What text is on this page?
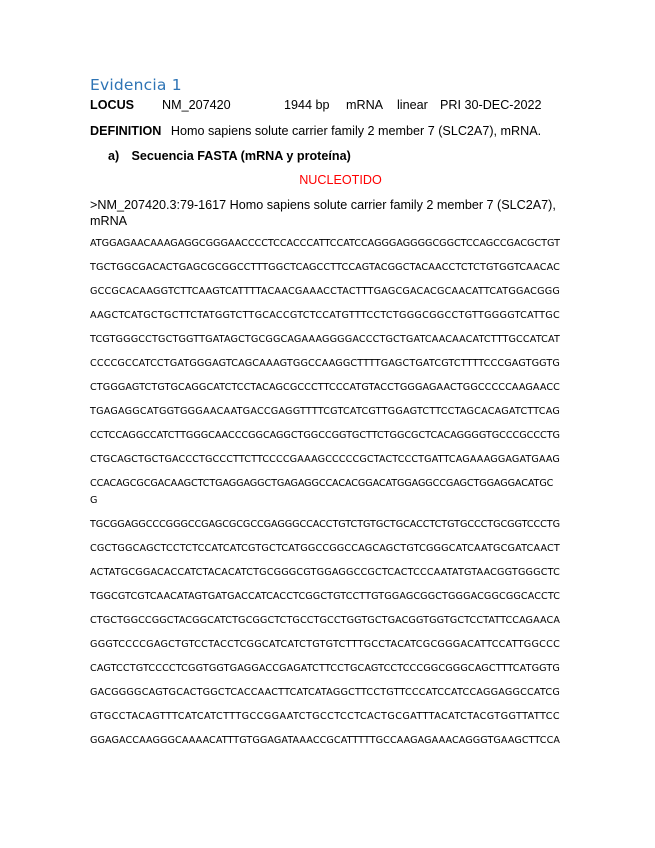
Evidencia 1
LOCUS NM_207420	1944 bp mRNA linear PRI 30-DEC-2022
DEFINITION Homo sapiens solute carrier family 2 member 7 (SLC2A7), mRNA.
a) Secuencia FASTA (mRNA y proteína)
NUCLEOTIDO
>NM_207420.3:79-1617 Homo sapiens solute carrier family 2 member 7 (SLC2A7), mRNA
ATGGAGAACAAAGAGGCGGGAACCCCTCCACCCATTCCATCCAGGGAGGGGCGGCTCCAGCCGACGCTGT
TGCTGGCGACACTGAGCGCGGCCTTTGGCTCAGCCTTCCAGTACGGCTACAACCTCTCTGTGGTCAACAC
GCCGCACAAGGTCTTCAAGTCATTTTACAACGAAACCTACTTTGAGCGACACGCAACATTCATGGACGGG
AAGCTCATGCTGCTTCTATGGTCTTGCACCGTCTCCATGTTTCCTCTGGGCGGCCTGTTGGGGTCATTGC
TCGTGGGCCTGCTGGTTGATAGCTGCGGCAGAAAGGGGACCCTGCTGATCAACAACATCTTTGCCATCAT
CCCCGCCATCCTGATGGGAGTCAGCAAAGTGGCCAAGGCTTTTGAGCTGATCGTCTTTTCCCGAGTGGTG
CTGGGAGTCTGTGCAGGCATCTCCTACAGCGCCCTTCCCATGTACCTGGGAGAACTGGCCCCCAAGAACC
TGAGAGGCATGGTGGGAACAATGACCGAGGTTTTCGTCATCGTTGGAGTCTTCCTAGCACAGATCTTCAG
CCTCCAGGCCATCTTGGGCAACCCGGCAGGCTGGCCGGTGCTTCTGGCGCTCACAGGGGTGCCCGCCCTG
CTGCAGCTGCTGACCCTGCCCTTCTTCCCCGAAAGCCCCCGCTACTCCCTGATTCAGAAAGGAGATGAAG
CCACAGCGCGACAAGCTCTGAGGAGGCTGAGAGGCCACACGGACATGGAGGCCGAGCTGGAGGACATGC
G
TGCGGAGGCCCGGGCCGAGCGCGCCGAGGGCCACCTGTCTGTGCTGCACCTCTGTGCCCTGCGGTCCCTG
CGCTGGCAGCTCCTCTCCATCATCGTGCTCATGGCCGGCCAGCAGCTGTCGGGCATCAATGCGATCAACT
ACTATGCGGACACCATCTACACATCTGCGGGCGTGGAGGCCGCTCACTCCCAATATGTAACGGTGGGCTC
TGGCGTCGTCAACATAGTGATGACCATCACCTCGGCTGTCCTTGTGGAGCGGCTGGGACGGCGGCACCTC
CTGCTGGCCGGCTACGGCATCTGCGGCTCTGCCTGCCTGGTGCTGACGGTGGTGCTCCTATTCCAGAACA
GGGTCCCCGAGCTGTCCTACCTCGGCATCATCTGTGTCTTTGCCTACATCGCGGGACATTCCATTGGCCC
CAGTCCTGTCCCCTCGGTGGTGAGGACCGAGATCTTCCTGCAGTCCTCCCGGCGGGCAGCTTTCATGGTG
GACGGGGCAGTGCACTGGCTCACCAACTTCATCATAGGCTTCCTGTTCCCATCCATCCAGGAGGCCATCG
GTGCCTACAGTTTCATCATCTTTGCCGGAATCTGCCTCCTCACTGCGATTTACATCTACGTGGTTATTCC
GGAGACCAAGGGCAAAACATTTGTGGAGATAAACCGCATTTTTGCCAAGAGAAACAGGGTGAAGCTTCCA
